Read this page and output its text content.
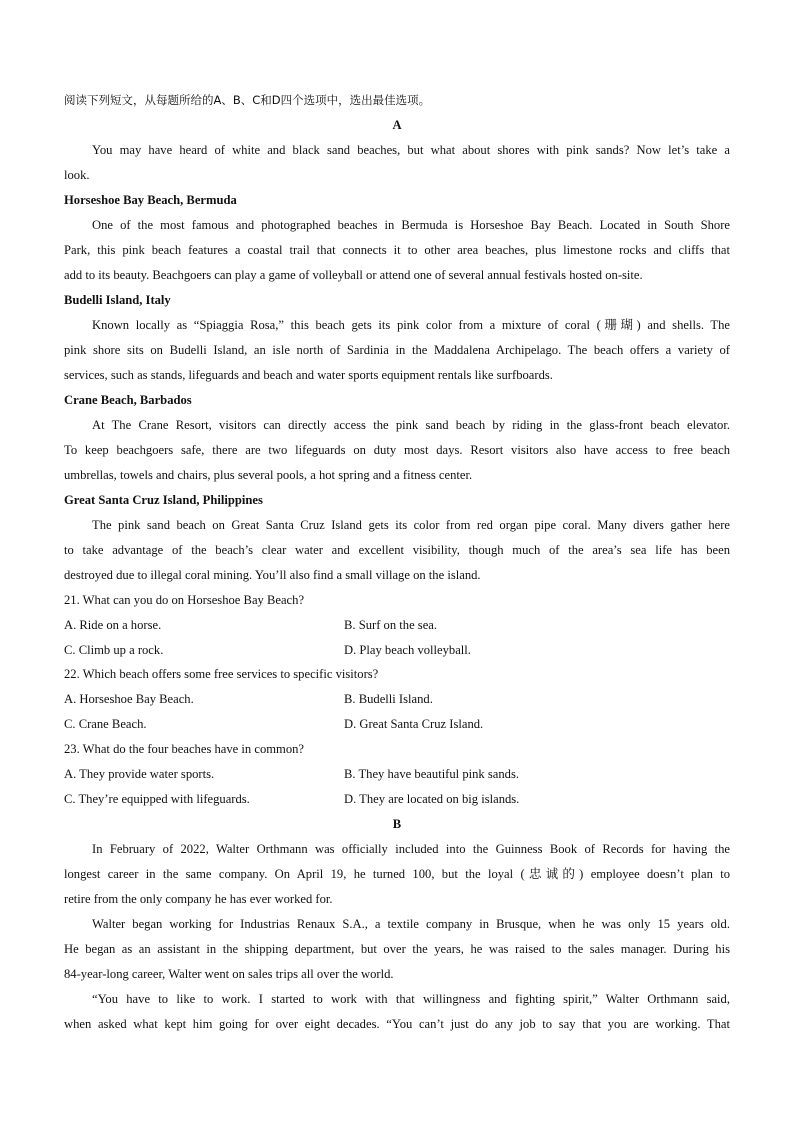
阅读下列短文，从每题所给的A、B、C和D四个选项中，选出最佳选项。
A
You may have heard of white and black sand beaches, but what about shores with pink sands? Now let’s take a
look.
Horseshoe Bay Beach, Bermuda
One of the most famous and photographed beaches in Bermuda is Horseshoe Bay Beach. Located in South Shore
Park, this pink beach features a coastal trail that connects it to other area beaches, plus limestone rocks and cliffs that
add to its beauty. Beachgoers can play a game of volleyball or attend one of several annual festivals hosted on-site.
Budelli Island, Italy
Known locally as “Spiaggia Rosa,” this beach gets its pink color from a mixture of coral (珊瑚) and shells. The
pink shore sits on Budelli Island, an isle north of Sardinia in the Maddalena Archipelago. The beach offers a variety of
services, such as stands, lifeguards and beach and water sports equipment rentals like surfboards.
Crane Beach, Barbados
At The Crane Resort, visitors can directly access the pink sand beach by riding in the glass-front beach elevator.
To keep beachgoers safe, there are two lifeguards on duty most days. Resort visitors also have access to free beach
umbrellas, towels and chairs, plus several pools, a hot spring and a fitness center.
Great Santa Cruz Island, Philippines
The pink sand beach on Great Santa Cruz Island gets its color from red organ pipe coral. Many divers gather here
to take advantage of the beach’s clear water and excellent visibility, though much of the area’s sea life has been
destroyed due to illegal coral mining. You’ll also find a small village on the island.
21. What can you do on Horseshoe Bay Beach?
A. Ride on a horse.	B. Surf on the sea.
C. Climb up a rock.	D. Play beach volleyball.
22. Which beach offers some free services to specific visitors?
A. Horseshoe Bay Beach.	B. Budelli Island.
C. Crane Beach.	D. Great Santa Cruz Island.
23. What do the four beaches have in common?
A. They provide water sports.	B. They have beautiful pink sands.
C. They’re equipped with lifeguards.	D. They are located on big islands.
B
In February of 2022, Walter Orthmann was officially included into the Guinness Book of Records for having the
longest career in the same company. On April 19, he turned 100, but the loyal (忠诚的) employee doesn’t plan to
retire from the only company he has ever worked for.
Walter began working for Industrias Renaux S.A., a textile company in Brusque, when he was only 15 years old.
He began as an assistant in the shipping department, but over the years, he was raised to the sales manager. During his
84-year-long career, Walter went on sales trips all over the world.
“You have to like to work. I started to work with that willingness and fighting spirit,” Walter Orthmann said,
when asked what kept him going for over eight decades. “You can’t just do any job to say that you are working. That
